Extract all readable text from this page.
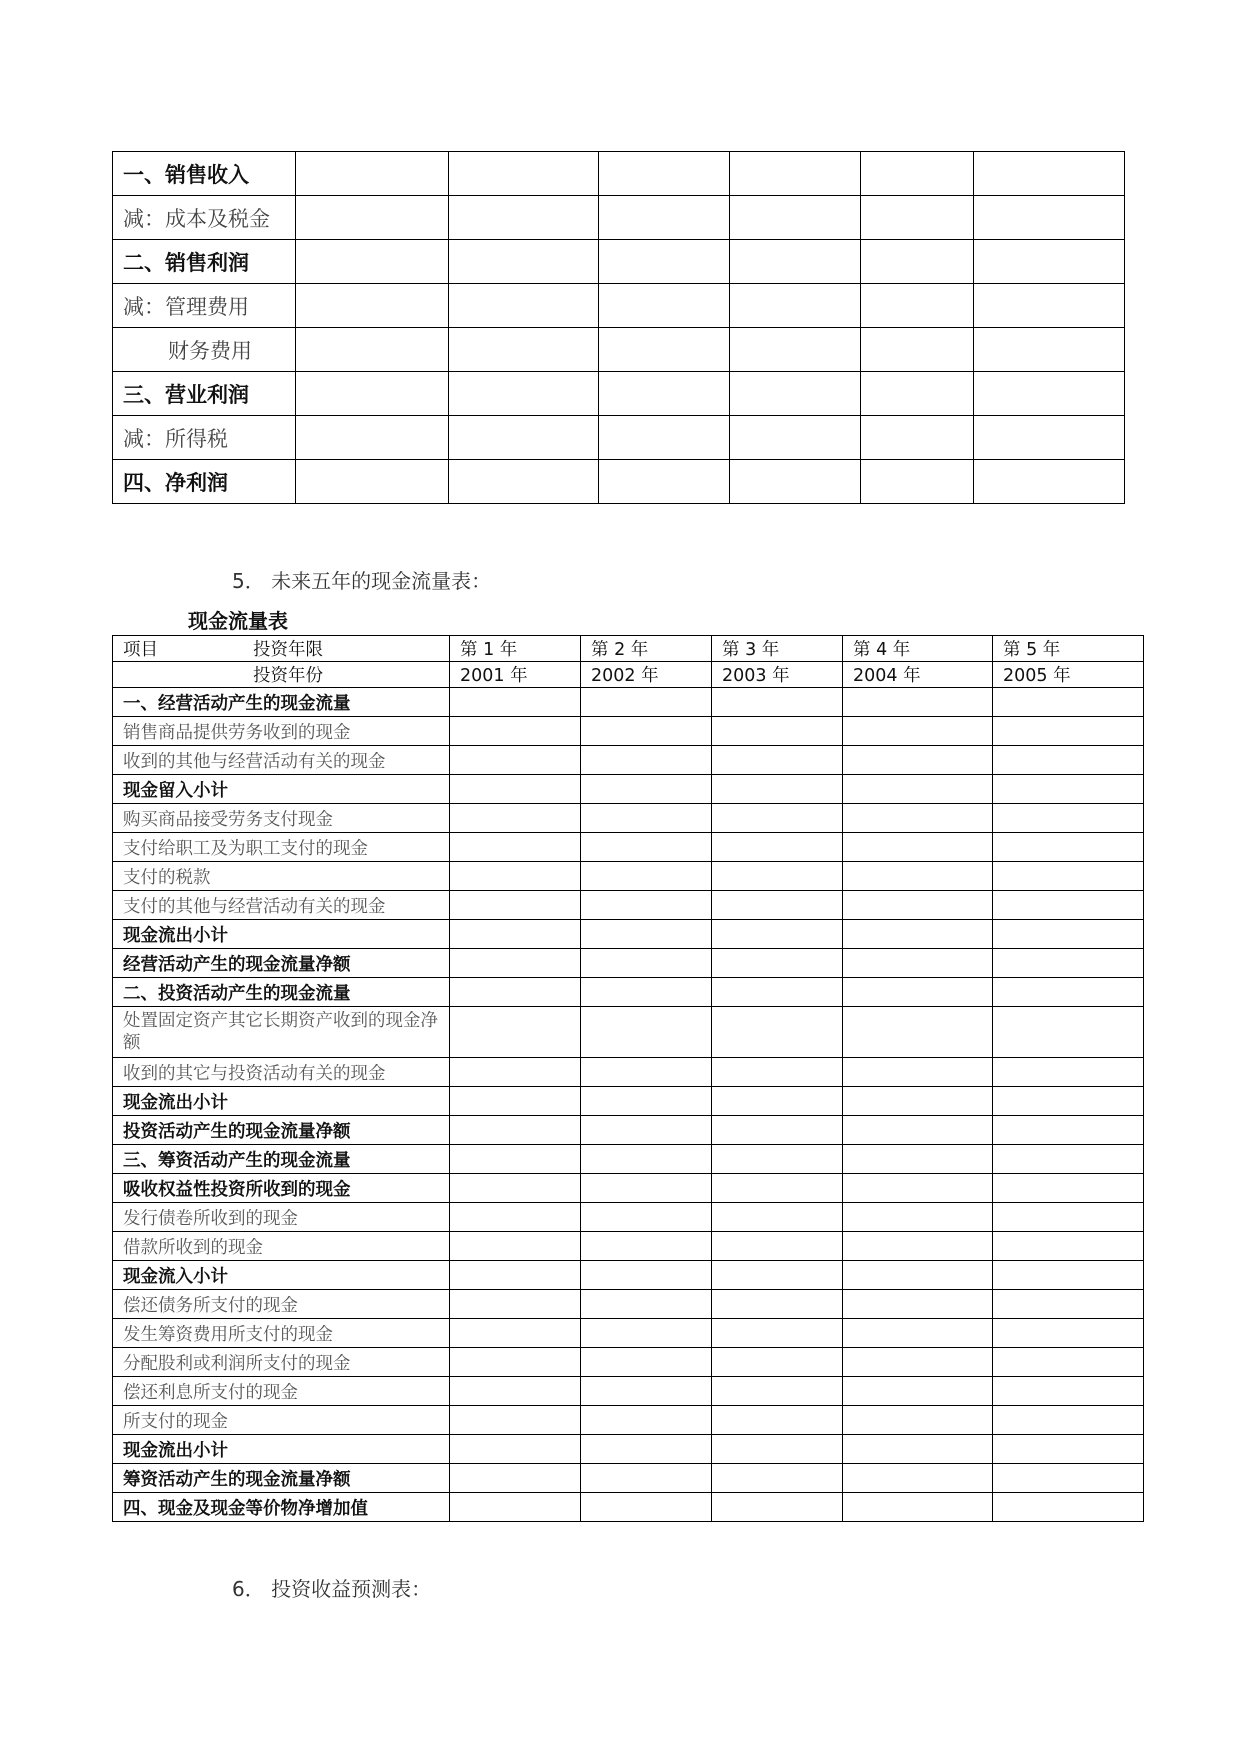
一、销售收入						
减：成本及税金						
二、销售利润						
减：管理费用						
财务费用						
三、营业利润						
减：所得税						
四、净利润						
5． 未来五年的现金流量表：
现金流量表
项目 投资年限	第 1 年	第 2 年	第 3 年	第 4 年	第 5 年
投资年份	2001 年	2002 年	2003 年	2004 年	2005 年
一、经营活动产生的现金流量					
销售商品提供劳务收到的现金					
收到的其他与经营活动有关的现金					
现金留入小计					
购买商品接受劳务支付现金					
支付给职工及为职工支付的现金					
支付的税款					
支付的其他与经营活动有关的现金					
现金流出小计					
经营活动产生的现金流量净额					
二、投资活动产生的现金流量					
处置固定资产其它长期资产收到的现金净额					
收到的其它与投资活动有关的现金					
现金流出小计					
投资活动产生的现金流量净额					
三、筹资活动产生的现金流量					
吸收权益性投资所收到的现金					
发行债卷所收到的现金					
借款所收到的现金					
现金流入小计					
偿还债务所支付的现金					
发生筹资费用所支付的现金					
分配股利或利润所支付的现金					
偿还利息所支付的现金					
所支付的现金					
现金流出小计					
筹资活动产生的现金流量净额					
四、现金及现金等价物净增加值					
6． 投资收益预测表：
